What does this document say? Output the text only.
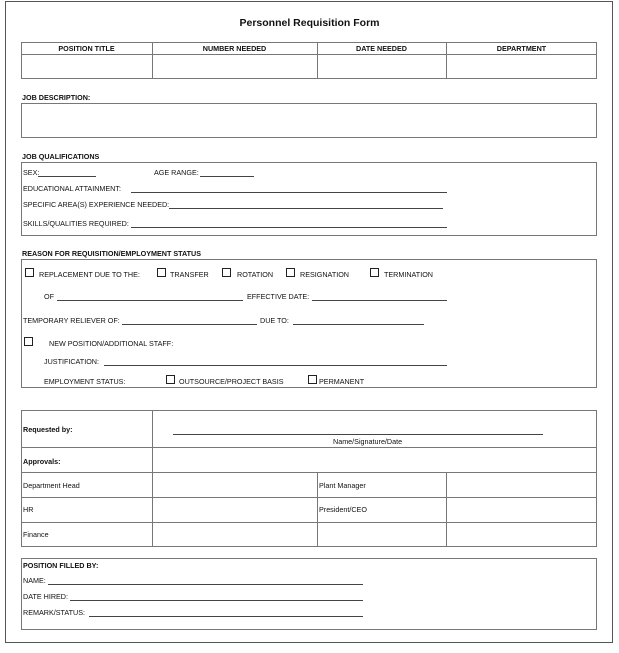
Personnel Requisition Form
POSITION TITLE	NUMBER NEEDED	DATE NEEDED	DEPARTMENT
JOB DESCRIPTION:
JOB QUALIFICATIONS
SEX:	AGE RANGE:
EDUCATIONAL ATTAINMENT:
SPECIFIC AREA(S) EXPERIENCE NEEDED:
SKILLS/QUALITIES REQUIRED:
REASON FOR REQUISITION/EMPLOYMENT STATUS
REPLACEMENT DUE TO THE:	TRANSFER	ROTATION	RESIGNATION	TERMINATION
OF	EFFECTIVE DATE:
TEMPORARY RELIEVER OF:	DUE TO:
NEW POSITION/ADDITIONAL STAFF:
JUSTIFICATION:
EMPLOYMENT STATUS:	OUTSOURCE/PROJECT BASIS	PERMANENT
Requested by:
Name/Signature/Date
Approvals:
Department Head	Plant Manager
HR	President/CEO
Finance
POSITION FILLED BY:
NAME:
DATE HIRED:
REMARK/STATUS:
